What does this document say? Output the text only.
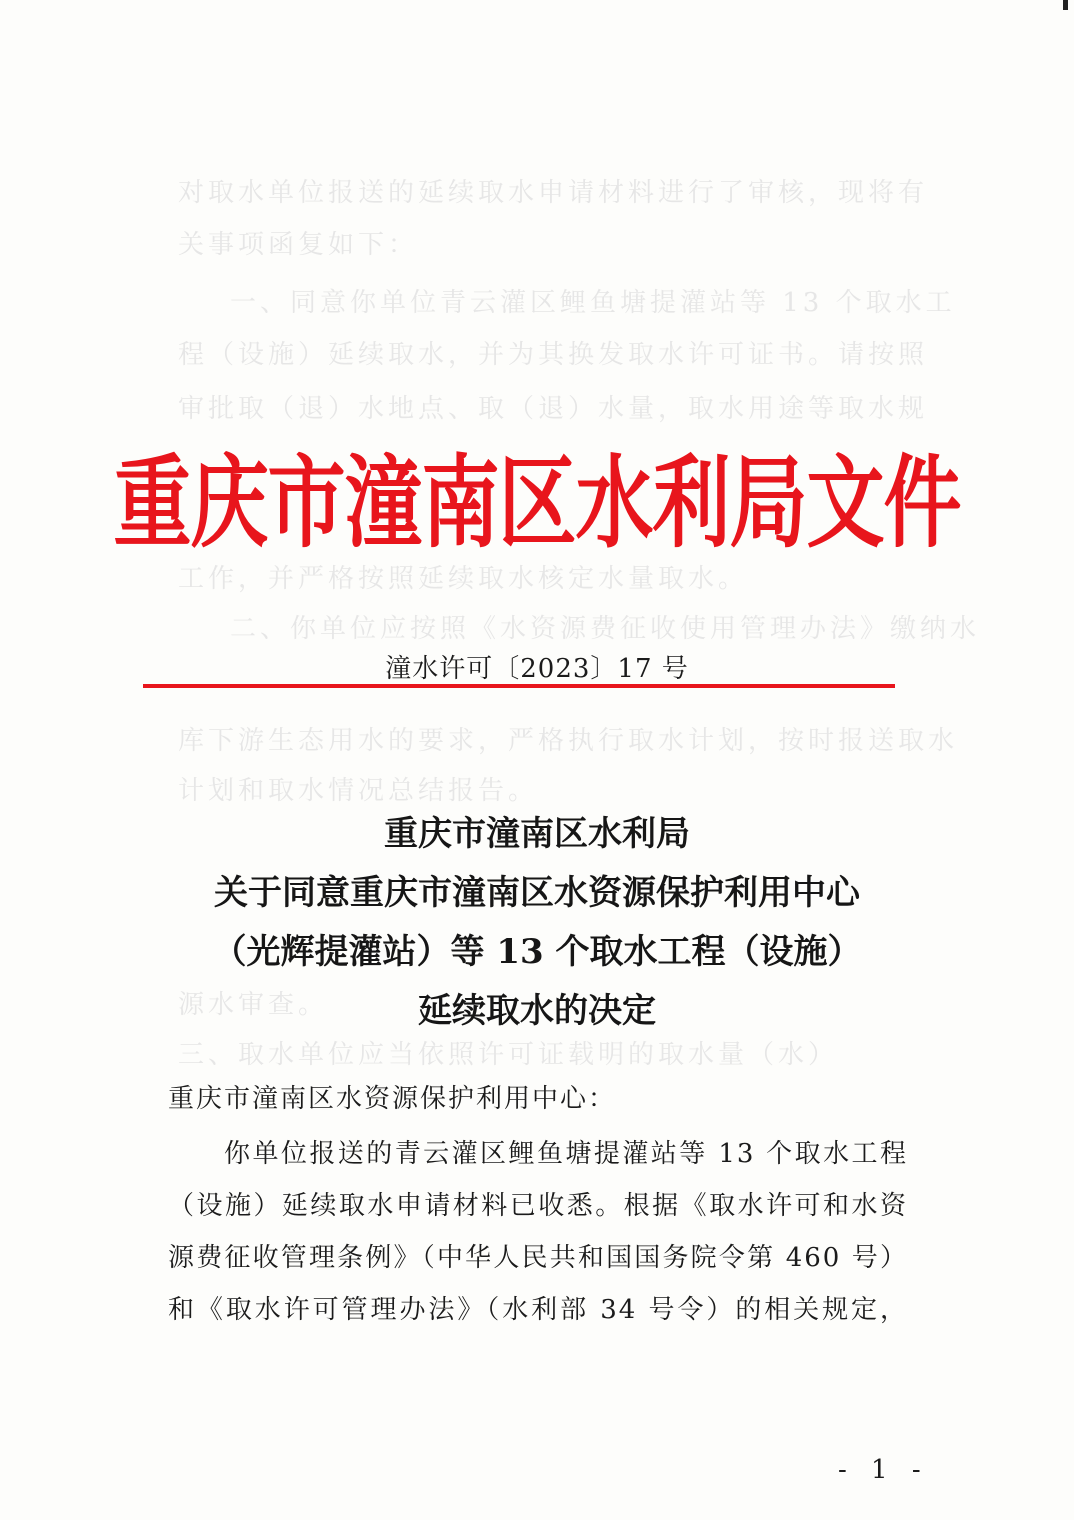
对取水单位报送的延续取水申请材料进行了审核，现将有
关事项函复如下：
一、同意你单位青云灌区鲤鱼塘提灌站等 13 个取水工
程（设施）延续取水，并为其换发取水许可证书。请按照
审批取（退）水地点、取（退）水量，取水用途等取水规
工作，并严格按照延续取水核定水量取水。
二、你单位应按照《水资源费征收使用管理办法》缴纳水
库下游生态用水的要求，严格执行取水计划，按时报送取水
计划和取水情况总结报告。
源水审查。
三、取水单位应当依照许可证载明的取水量（水）
重庆市潼南区水利局文件
潼水许可〔2023〕17 号
重庆市潼南区水利局
关于同意重庆市潼南区水资源保护利用中心
（光辉提灌站）等 13 个取水工程（设施）
延续取水的决定
重庆市潼南区水资源保护利用中心：
你单位报送的青云灌区鲤鱼塘提灌站等 13 个取水工程
（设施）延续取水申请材料已收悉。根据《取水许可和水资
源费征收管理条例》（中华人民共和国国务院令第 460 号）
和《取水许可管理办法》（水利部 34 号令）的相关规定，
- 1 -
